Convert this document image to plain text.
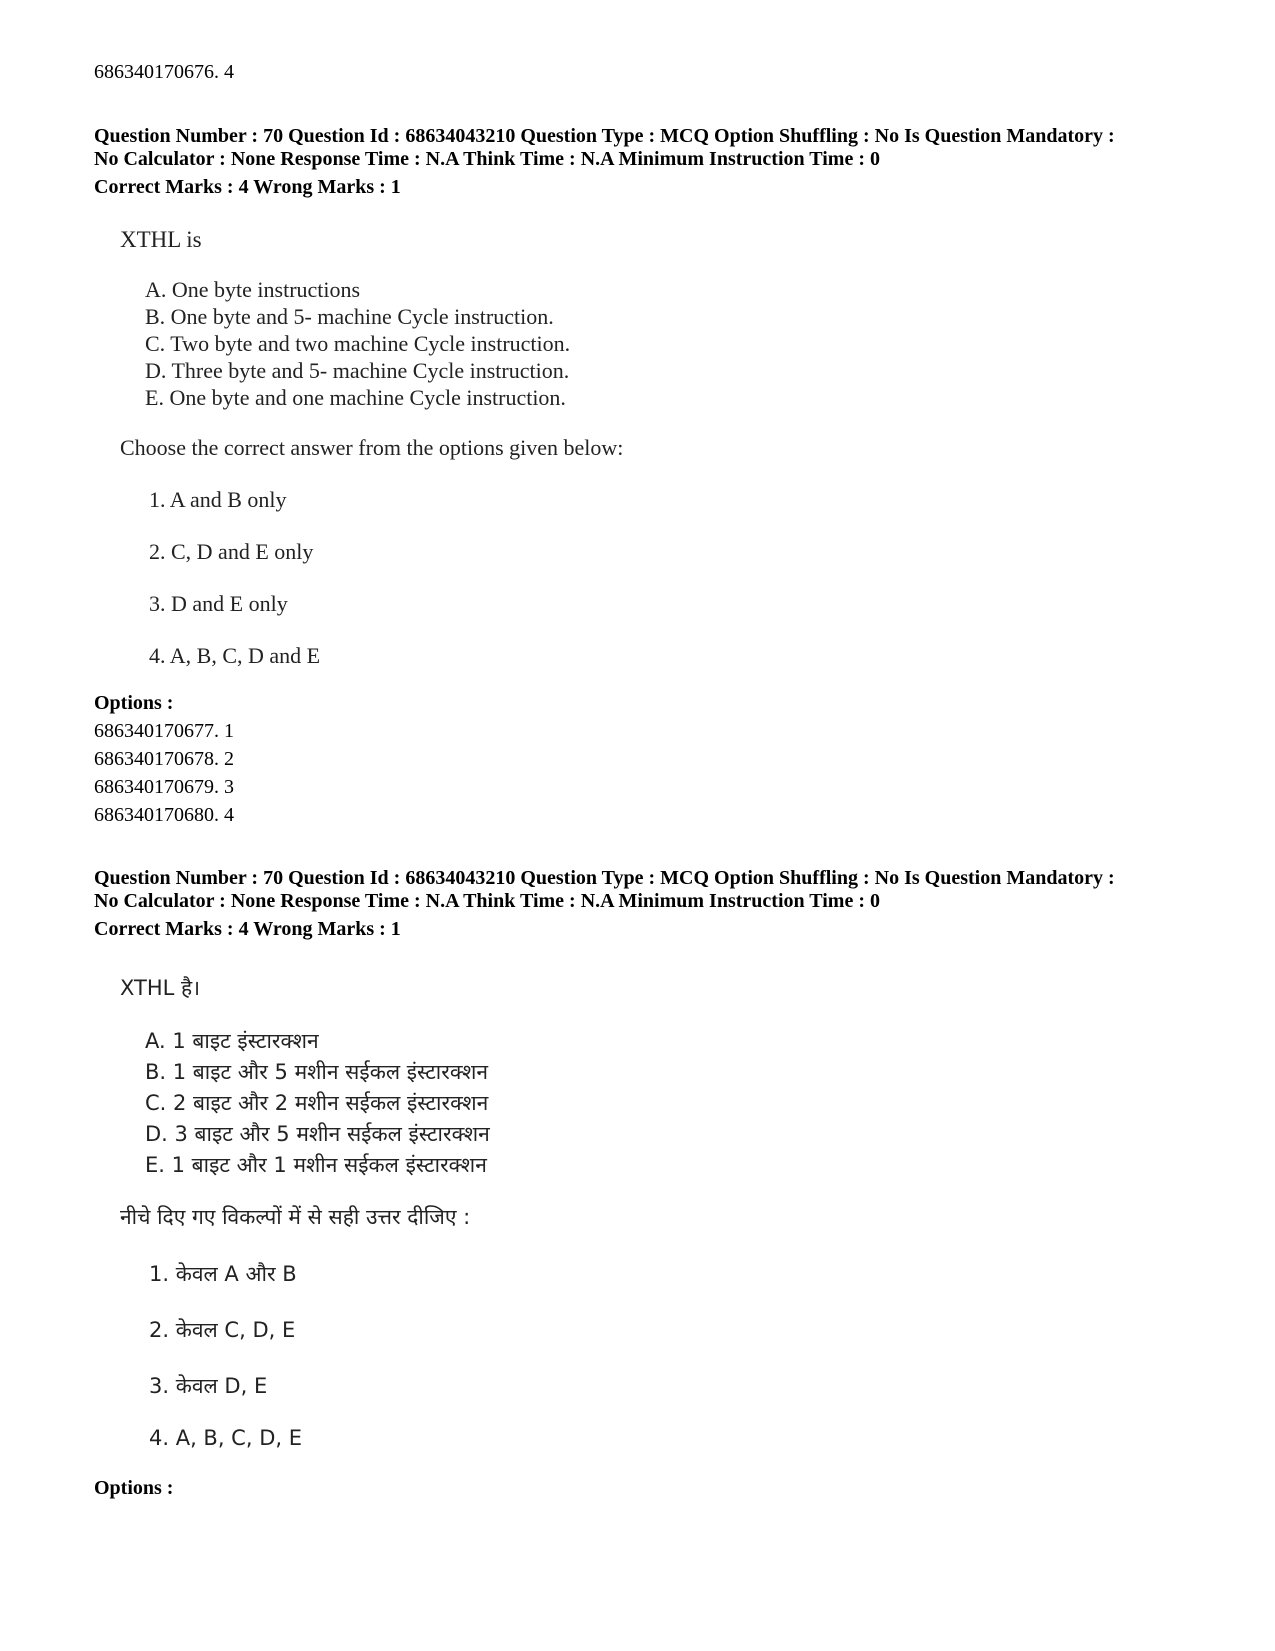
686340170676. 4
Question Number : 70 Question Id : 68634043210 Question Type : MCQ Option Shuffling : No Is Question Mandatory :
No Calculator : None Response Time : N.A Think Time : N.A Minimum Instruction Time : 0
Correct Marks : 4 Wrong Marks : 1
XTHL is
A. One byte instructions
B. One byte and 5- machine Cycle instruction.
C. Two byte and two machine Cycle instruction.
D. Three byte and 5- machine Cycle instruction.
E. One byte and one machine Cycle instruction.
Choose the correct answer from the options given below:
1. A and B only
2. C, D and E only
3. D and E only
4. A, B, C, D and E
Options :
686340170677. 1
686340170678. 2
686340170679. 3
686340170680. 4
Question Number : 70 Question Id : 68634043210 Question Type : MCQ Option Shuffling : No Is Question Mandatory :
No Calculator : None Response Time : N.A Think Time : N.A Minimum Instruction Time : 0
Correct Marks : 4 Wrong Marks : 1
XTHL है।
A. 1 बाइट इंस्टारक्शन
B. 1 बाइट और 5 मशीन सईकल इंस्टारक्शन
C. 2 बाइट और 2 मशीन सईकल इंस्टारक्शन
D. 3 बाइट और 5 मशीन सईकल इंस्टारक्शन
E. 1 बाइट और 1 मशीन सईकल इंस्टारक्शन
नीचे दिए गए विकल्पों में से सही उत्तर दीजिए :
1. केवल A और B
2. केवल C, D, E
3. केवल D, E
4. A, B, C, D, E
Options :
